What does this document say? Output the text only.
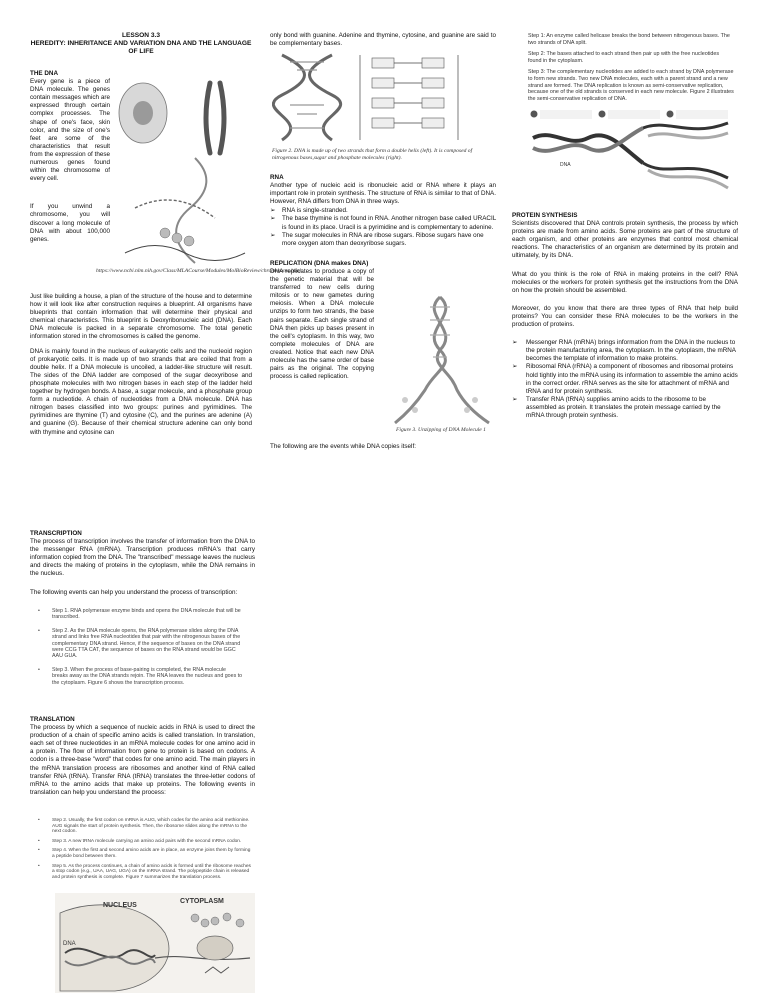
LESSON 3.3
HEREDITY: INHERITANCE AND VARIATION DNA AND THE LANGUAGE OF LIFE
THE DNA

Every gene is a piece of DNA molecule. The genes contain messages which are expressed through certain complex processes. The shape of one's face, skin color, and the size of one's feet are some of the characteristics that result from the expression of these numerous genes found within the chromosome of every cell.

If you unwind a chromosome, you will discover a long molecule of DNA with about 100,000 genes.

https://www.ncbi.nlm.nih.gov/Class/MLACourse/Modules/MolBioReview/chromosome.html

Just like building a house, a plan of the structure of the house and to determine how it will look like after construction requires a blueprint. All organisms have blueprints that contain information that will determine their physical and chemical characteristics. This blueprint is Deoxyribonucleic acid (DNA). Each DNA molecule is packed in a separate chromosome. The total genetic information stored in the chromosomes is called the genome.

DNA is mainly found in the nucleus of eukaryotic cells and the nucleoid region of prokaryotic cells. It is made up of two strands that are coiled that from a double helix. If a DNA molecule is uncoiled, a ladder-like structure will result. The sides of the DNA ladder are composed of the sugar deoxyribose and phosphate molecules with two nitrogen bases in each step of the ladder held together by hydrogen bonds. A base, a sugar molecule, and a phosphate group form a nucleotide. A chain of nucleotides from a DNA molecule. DNA has nitrogen bases classified into two groups: purines and pyrimidines. The pyrimidines are thymine (T) and cytosine (C), and the purines are adenine (A) and guanine (G). Because of their chemical structure adenine can only bond with thymine and cytosine can

only bond with guanine. Adenine and thymine, cytosine, and guanine are said to be complementary bases.

Figure 2. DNA is made up of two strands that form a double helix (left). It is composed of nitrogenous bases,sugar and phosphate molecules (right).
RNA

Another type of nucleic acid is ribonucleic acid or RNA where it plays an important role in protein synthesis. The structure of RNA is similar to that of DNA. However, RNA differs from DNA in three ways.

➢ RNA is single-stranded.
➢ The base thymine is not found in RNA. Another nitrogen base called URACIL is found in its place. Uracil is a pyrimidine and is complementary to adenine.
➢ The sugar molecules in RNA are ribose sugars. Ribose sugars have one more oxygen atom than deoxyribose sugars.
REPLICATION (DNA makes DNA)

DNA replicates to produce a copy of the genetic material that will be transferred to new cells during mitosis or to new gametes during meiosis. When a DNA molecule unzips to form two strands, the base pairs separate. Each single strand of DNA then picks up bases present in the cell's cytoplasm. In this way, two complete molecules of DNA are created. Notice that each new DNA molecule has the same order of base pairs as the original. The copying process is called replication.

Figure 3. Unzipping of DNA Molecule 1

The following are the events while DNA copies itself:

Step 1: An enzyme called helicase breaks the bond between nitrogenous bases. The two strands of DNA split.
Step 2: The bases attached to each strand then pair up with the free nucleotides found in the cytoplasm.
Step 3: The complementary nucleotides are added to each strand by DNA polymerase to form new strands. Two new DNA molecules, each with a parent strand and a new strand are formed. The DNA replication is known as semi-conservative replication, because one of the old strands is conserved in each new molecule. Figure 2 illustrates the semi-conservative replication of DNA.
DNA
PROTEIN SYNTHESIS

Scientists discovered that DNA controls protein synthesis, the process by which proteins are made from amino acids. Some proteins are part of the structure of each organism, and other proteins are enzymes that control most chemical reactions. The characteristics of an organism are determined by its protein and ultimately, by its DNA.

What do you think is the role of RNA in making proteins in the cell? RNA molecules or the workers for protein synthesis get the instructions from the DNA on how the protein should be assembled.

Moreover, do you know that there are three types of RNA that help build proteins? You can consider these RNA molecules to be the workers in the production of proteins.

➢ Messenger RNA (mRNA) brings information from the DNA in the nucleus to the protein manufacturing area, the cytoplasm. In the cytoplasm, the mRNA becomes the template of information to make proteins.
➢ Ribosomal RNA (rRNA) a component of ribosomes and ribosomal proteins hold tightly into the mRNA using its information to assemble the amino acids in the correct order. rRNA serves as the site for attachment of mRNA and tRNA and for protein synthesis.
➢ Transfer RNA (tRNA) supplies amino acids to the ribosome to be assembled as protein. It translates the protein message carried by the mRNA through protein synthesis.
TRANSCRIPTION

The process of transcription involves the transfer of information from the DNA to the messenger RNA (mRNA). Transcription produces mRNA's that carry information copied from the DNA. The "transcribed" message leaves the nucleus and directs the making of proteins in the cytoplasm, while the DNA remains in the nucleus.

The following events can help you understand the process of transcription:

• Step 1. RNA polymerase enzyme binds and opens the DNA molecule that will be transcribed.
• Step 2. As the DNA molecule opens, the RNA polymerase slides along the DNA strand and links free RNA nucleotides that pair with the nitrogenous bases of the complementary DNA strand. Hence, if the sequence of bases on the DNA strand were CCG TTA CAT, the sequence of bases on the RNA strand would be GGC AAU GUA.
• Step 3. When the process of base-pairing is completed, the RNA molecule breaks away as the DNA strands rejoin. The RNA leaves the nucleus and goes to the cytoplasm. Figure 6 shows the transcription process.
TRANSLATION

The process by which a sequence of nucleic acids in RNA is used to direct the production of a chain of specific amino acids is called translation. In translation, each set of three nucleotides in an mRNA molecule codes for one amino acid in a protein. The flow of information from gene to protein is based on codons. A codon is a three-base "word" that codes for one amino acid. The main players in the mRNA translation process are ribosomes and another kind of RNA called transfer RNA (tRNA). Transfer RNA (tRNA) translates the three-letter codons of mRNA to the amino acids that make up proteins. The following events in translation can help you understand the process:

•	Step 2. Usually, the first codon on mRNA is AUG, which codes for the amino acid methionine. AUG signals the start of protein synthesis. Then, the ribosome slides along the mRNA to the next codon.
•	Step 3. A new tRNA molecule carrying an amino acid pairs with the second mRNA codon.
•	Step 4. When the first and second amino acids are in place, an enzyme joins them by forming a peptide bond between them.
•	Step 5. As the process continues, a chain of amino acids is formed until the ribosome reaches a stop codon (e.g., UAA, UAG, UGA) on the mRNA strand. The polypeptide chain is released and protein synthesis is complete. Figure 7 summarizes the translation process.
NUCLEUS
CYTOPLASM
DNA
